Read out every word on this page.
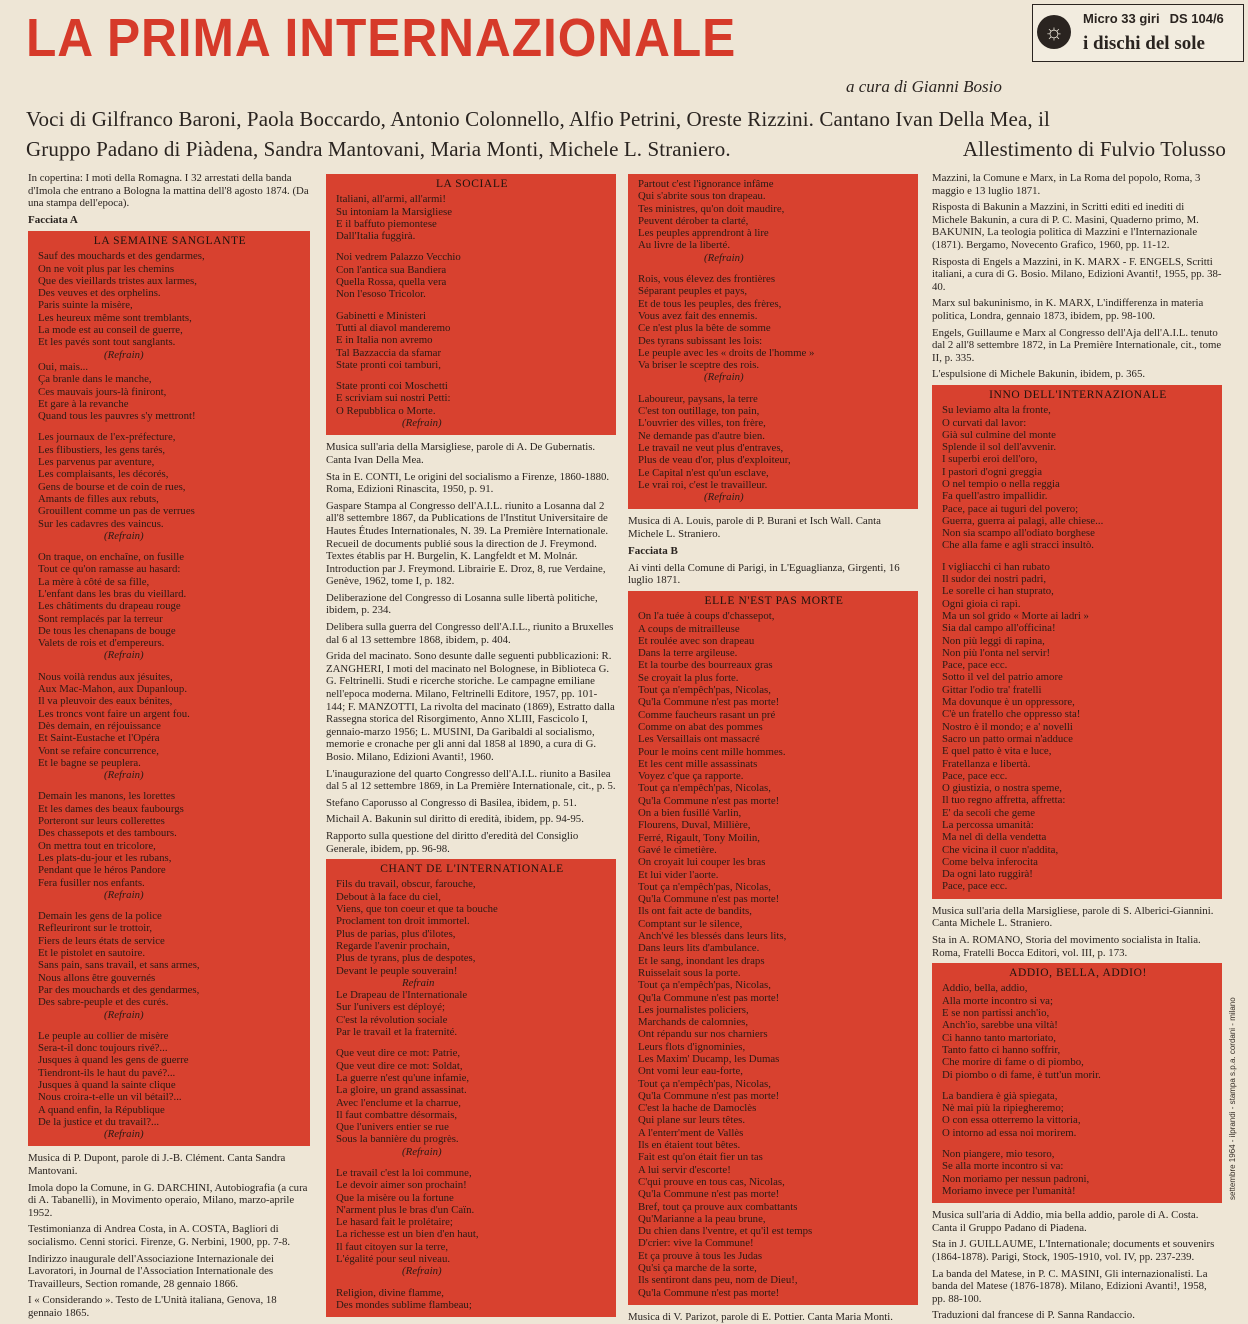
LA PRIMA INTERNAZIONALE	☼
Micro 33 giri DS 104/6
i dischi del sole
a cura di Gianni Bosio
Voci di Gilfranco Baroni, Paola Boccardo, Antonio Colonnello, Alfio Petrini, Oreste Rizzini. Cantano Ivan Della Mea, il
Gruppo Padano di Piàdena, Sandra Mantovani, Maria Monti, Michele L. Straniero.	Allestimento di Fulvio Tolusso

In copertina: I moti della Romagna. I 32 arrestati della banda d'Imola che entrano a Bologna la mattina dell'8 agosto 1874. (Da una stampa dell'epoca).

Facciata A

LA SEMAINE SANGLANTE
Sauf des mouchards et des gendarmes,
On ne voit plus par les chemins
Que des vieillards tristes aux larmes,
Des veuves et des orphelins.
Paris suinte la misère,
Les heureux même sont tremblants,
La mode est au conseil de guerre,
Et les pavés sont tout sanglants.
(Refrain)
Oui, mais...
Ça branle dans le manche,
Ces mauvais jours-là finiront,
Et gare à la revanche
Quand tous les pauvres s'y mettront!
Les journaux de l'ex-préfecture,
Les flibustiers, les gens tarés,
Les parvenus par aventure,
Les complaisants, les décorés,
Gens de bourse et de coin de rues,
Amants de filles aux rebuts,
Grouillent comme un pas de verrues
Sur les cadavres des vaincus.
(Refrain)
On traque, on enchaîne, on fusille
Tout ce qu'on ramasse au hasard:
La mère à côté de sa fille,
L'enfant dans les bras du vieillard.
Les châtiments du drapeau rouge
Sont remplacés par la terreur
De tous les chenapans de bouge
Valets de rois et d'empereurs.
(Refrain)
Nous voilà rendus aux jésuites,
Aux Mac-Mahon, aux Dupanloup.
Il va pleuvoir des eaux bénites,
Les troncs vont faire un argent fou.
Dès demain, en réjouissance
Et Saint-Eustache et l'Opéra
Vont se refaire concurrence,
Et le bagne se peuplera.
(Refrain)
Demain les manons, les lorettes
Et les dames des beaux faubourgs
Porteront sur leurs collerettes
Des chassepots et des tambours.
On mettra tout en tricolore,
Les plats-du-jour et les rubans,
Pendant que le héros Pandore
Fera fusiller nos enfants.
(Refrain)
Demain les gens de la police
Refleuriront sur le trottoir,
Fiers de leurs états de service
Et le pistolet en sautoire.
Sans pain, sans travail, et sans armes,
Nous allons être gouvernés
Par des mouchards et des gendarmes,
Des sabre-peuple et des curés.
(Refrain)
Le peuple au collier de misère
Sera-t-il donc toujours rivé?...
Jusques à quand les gens de guerre
Tiendront-ils le haut du pavé?...
Jusques à quand la sainte clique
Nous croira-t-elle un vil bétail?...
A quand enfin, la République
De la justice et du travail?...
(Refrain)

Musica di P. Dupont, parole di J.-B. Clément. Canta Sandra Mantovani.

Imola dopo la Comune, in G. DARCHINI, Autobiografia (a cura di A. Tabanelli), in Movimento operaio, Milano, marzo-aprile 1952.

Testimonianza di Andrea Costa, in A. COSTA, Bagliori di socialismo. Cenni storici. Firenze, G. Nerbini, 1900, pp. 7-8.

Indirizzo inaugurale dell'Associazione Internazionale dei Lavoratori, in Journal de l'Association Internationale des Travailleurs, Section romande, 28 gennaio 1866.

I « Considerando ». Testo de L'Unità italiana, Genova, 18 gennaio 1865.

LA SOCIALE
Italiani, all'armi, all'armi!
Su intoniam la Marsigliese
E il baffuto piemontese
Dall'Italia fuggirà.
Noi vedrem Palazzo Vecchio
Con l'antica sua Bandiera
Quella Rossa, quella vera
Non l'esoso Tricolor.
Gabinetti e Ministeri
Tutti al diavol manderemo
E in Italia non avremo
Tal Bazzaccia da sfamar
State pronti coi tamburi,
State pronti coi Moschetti
E scriviam sui nostri Petti:
O Repubblica o Morte.
(Refrain)

Musica sull'aria della Marsigliese, parole di A. De Gubernatis. Canta Ivan Della Mea.

Sta in E. CONTI, Le origini del socialismo a Firenze, 1860-1880. Roma, Edizioni Rinascita, 1950, p. 91.

Gaspare Stampa al Congresso dell'A.I.L. riunito a Losanna dal 2 all'8 settembre 1867, da Publications de l'Institut Universitaire de Hautes Études Internationales, N. 39. La Première Internationale. Recueil de documents publié sous la direction de J. Freymond. Textes établis par H. Burgelin, K. Langfeldt et M. Molnár. Introduction par J. Freymond. Librairie E. Droz, 8, rue Verdaine, Genève, 1962, tome I, p. 182.

Deliberazione del Congresso di Losanna sulle libertà politiche, ibidem, p. 234.

Delibera sulla guerra del Congresso dell'A.I.L., riunito a Bruxelles dal 6 al 13 settembre 1868, ibidem, p. 404.

Grida del macinato. Sono desunte dalle seguenti pubblicazioni: R. ZANGHERI, I moti del macinato nel Bolognese, in Biblioteca G. G. Feltrinelli. Studi e ricerche storiche. Le campagne emiliane nell'epoca moderna. Milano, Feltrinelli Editore, 1957, pp. 101-144; F. MANZOTTI, La rivolta del macinato (1869), Estratto dalla Rassegna storica del Risorgimento, Anno XLIII, Fascicolo I, gennaio-marzo 1956; L. MUSINI, Da Garibaldi al socialismo, memorie e cronache per gli anni dal 1858 al 1890, a cura di G. Bosio. Milano, Edizioni Avanti!, 1960.

L'inaugurazione del quarto Congresso dell'A.I.L. riunito a Basilea dal 5 al 12 settembre 1869, in La Première Internationale, cit., p. 5.

Stefano Caporusso al Congresso di Basilea, ibidem, p. 51.

Michail A. Bakunin sul diritto di eredità, ibidem, pp. 94-95.

Rapporto sulla questione del diritto d'eredità del Consiglio Generale, ibidem, pp. 96-98.

CHANT DE L'INTERNATIONALE
Fils du travail, obscur, farouche,
Debout à la face du ciel,
Viens, que ton coeur et que ta bouche
Proclament ton droit immortel.
Plus de parias, plus d'ilotes,
Regarde l'avenir prochain,
Plus de tyrans, plus de despotes,
Devant le peuple souverain!
Refrain
Le Drapeau de l'Internationale
Sur l'univers est déployé;
C'est la révolution sociale
Par le travail et la fraternité.
Que veut dire ce mot: Patrie,
Que veut dire ce mot: Soldat,
La guerre n'est qu'une infamie,
La gloire, un grand assassinat.
Avec l'enclume et la charrue,
Il faut combattre désormais,
Que l'univers entier se rue
Sous la bannière du progrès.
(Refrain)
Le travail c'est la loi commune,
Le devoir aimer son prochain!
Que la misère ou la fortune
N'arment plus le bras d'un Caïn.
Le hasard fait le prolétaire;
La richesse est un bien d'en haut,
Il faut citoyen sur la terre,
L'égalité pour seul niveau.
(Refrain)
Religion, divine flamme,
Des mondes sublime flambeau;
Partout c'est l'ignorance infâme
Qui s'abrite sous ton drapeau.
Tes ministres, qu'on doit maudire,
Peuvent dérober ta clarté,
Les peuples apprendront à lire
Au livre de la liberté.
(Refrain)
Rois, vous élevez des frontières
Séparant peuples et pays,
Et de tous les peuples, des frères,
Vous avez fait des ennemis.
Ce n'est plus la bête de somme
Des tyrans subissant les lois:
Le peuple avec les « droits de l'homme »
Va briser le sceptre des rois.
(Refrain)
Laboureur, paysans, la terre
C'est ton outillage, ton pain,
L'ouvrier des villes, ton frère,
Ne demande pas d'autre bien.
Le travail ne veut plus d'entraves,
Plus de veau d'or, plus d'exploiteur,
Le Capital n'est qu'un esclave,
Le vrai roi, c'est le travailleur.
(Refrain)

Musica di A. Louis, parole di P. Burani et Isch Wall. Canta Michele L. Straniero.

Facciata B

Ai vinti della Comune di Parigi, in L'Eguaglianza, Girgenti, 16 luglio 1871.

ELLE N'EST PAS MORTE
On l'a tuée à coups d'chassepot,
A coups de mitrailleuse
Et roulée avec son drapeau
Dans la terre argileuse.
Et la tourbe des bourreaux gras
Se croyait la plus forte.
Tout ça n'empêch'pas, Nicolas,
Qu'la Commune n'est pas morte!
Comme faucheurs rasant un pré
Comme on abat des pommes
Les Versaillais ont massacré
Pour le moins cent mille hommes.
Et les cent mille assassinats
Voyez c'que ça rapporte.
Tout ça n'empêch'pas, Nicolas,
Qu'la Commune n'est pas morte!
On a bien fusillé Varlin,
Flourens, Duval, Millière,
Ferré, Rigault, Tony Moilin,
Gavé le cimetière.
On croyait lui couper les bras
Et lui vider l'aorte.
Tout ça n'empêch'pas, Nicolas,
Qu'la Commune n'est pas morte!
Ils ont fait acte de bandits,
Comptant sur le silence,
Anch'vé les blessés dans leurs lits,
Dans leurs lits d'ambulance.
Et le sang, inondant les draps
Ruisselait sous la porte.
Tout ça n'empêch'pas, Nicolas,
Qu'la Commune n'est pas morte!
Les journalistes policiers,
Marchands de calomnies,
Ont répandu sur nos charniers
Leurs flots d'ignominies,
Les Maxim' Ducamp, les Dumas
Ont vomi leur eau-forte,
Tout ça n'empêch'pas, Nicolas,
Qu'la Commune n'est pas morte!
C'est la hache de Damoclès
Qui plane sur leurs têtes.
A l'enterr'ment de Vallès
Ils en étaient tout bêtes.
Fait est qu'on était fier un tas
A lui servir d'escorte!
C'qui prouve en tous cas, Nicolas,
Qu'la Commune n'est pas morte!
Bref, tout ça prouve aux combattants
Qu'Marianne a la peau brune,
Du chien dans l'ventre, et qu'il est temps
D'crier: vive la Commune!
Et ça prouve à tous les Judas
Qu'si ça marche de la sorte,
Ils sentiront dans peu, nom de Dieu!,
Qu'la Commune n'est pas morte!

Musica di V. Parizot, parole di E. Pottier. Canta Maria Monti.

Mazzini, la Comune e Marx, in La Roma del popolo, Roma, 3 maggio e 13 luglio 1871.

Risposta di Bakunin a Mazzini, in Scritti editi ed inediti di Michele Bakunin, a cura di P. C. Masini, Quaderno primo, M. BAKUNIN, La teologia politica di Mazzini e l'Internazionale (1871). Bergamo, Novecento Grafico, 1960, pp. 11-12.

Risposta di Engels a Mazzini, in K. MARX - F. ENGELS, Scritti italiani, a cura di G. Bosio. Milano, Edizioni Avanti!, 1955, pp. 38-40.

Marx sul bakuninismo, in K. MARX, L'indifferenza in materia politica, Londra, gennaio 1873, ibidem, pp. 98-100.

Engels, Guillaume e Marx al Congresso dell'Aja dell'A.I.L. tenuto dal 2 all'8 settembre 1872, in La Première Internationale, cit., tome II, p. 335.

L'espulsione di Michele Bakunin, ibidem, p. 365.

INNO DELL'INTERNAZIONALE
Su leviamo alta la fronte,
O curvati dal lavor:
Già sul culmine del monte
Splende il sol dell'avvenir.
I superbi eroi dell'oro,
I pastori d'ogni greggia
O nel tempio o nella reggia
Fa quell'astro impallidir.
Pace, pace ai tuguri del povero;
Guerra, guerra ai palagi, alle chiese...
Non sia scampo all'odiato borghese
Che alla fame e agli stracci insultò.
I vigliacchi ci han rubato
Il sudor dei nostri padri,
Le sorelle ci han stuprato,
Ogni gioia ci rapì.
Ma un sol grido « Morte ai ladri »
Sia dal campo all'officina!
Non più leggi di rapina,
Non più l'onta nel servir!
Pace, pace ecc.
Sotto il vel del patrio amore
Gittar l'odio tra' fratelli
Ma dovunque è un oppressore,
C'è un fratello che oppresso sta!
Nostro è il mondo; e a' novelli
Sacro un patto ormai n'adduce
E quel patto è vita e luce,
Fratellanza e libertà.
Pace, pace ecc.
O giustizia, o nostra speme,
Il tuo regno affretta, affretta:
E' da secoli che geme
La percossa umanità:
Ma nel dì della vendetta
Che vicina il cuor n'addita,
Come belva inferocita
Da ogni lato ruggirà!
Pace, pace ecc.

Musica sull'aria della Marsigliese, parole di S. Alberici-Giannini. Canta Michele L. Straniero.

Sta in A. ROMANO, Storia del movimento socialista in Italia. Roma, Fratelli Bocca Editori, vol. III, p. 173.

ADDIO, BELLA, ADDIO!
Addio, bella, addio,
Alla morte incontro si va;
E se non partissi anch'io,
Anch'io, sarebbe una viltà!
Ci hanno tanto martoriato,
Tanto fatto ci hanno soffrir,
Che morire di fame o di piombo,
Di piombo o di fame, è tutt'un morir.
La bandiera è già spiegata,
Nè mai più la ripiegheremo;
O con essa otterremo la vittoria,
O intorno ad essa noi morirem.
Non piangere, mio tesoro,
Se alla morte incontro si va:
Non moriamo per nessun padroni,
Moriamo invece per l'umanità!

Musica sull'aria di Addio, mia bella addio, parole di A. Costa. Canta il Gruppo Padano di Piadena.

Sta in J. GUILLAUME, L'Internationale; documents et souvenirs (1864-1878). Parigi, Stock, 1905-1910, vol. IV, pp. 237-239.

La banda del Matese, in P. C. MASINI, Gli internazionalisti. La banda del Matese (1876-1878). Milano, Edizioni Avanti!, 1958, pp. 88-100.

Traduzioni dal francese di P. Sanna Randaccio.

settembre 1964 - ilprandi - stampa s.p.a. cordani - milano
